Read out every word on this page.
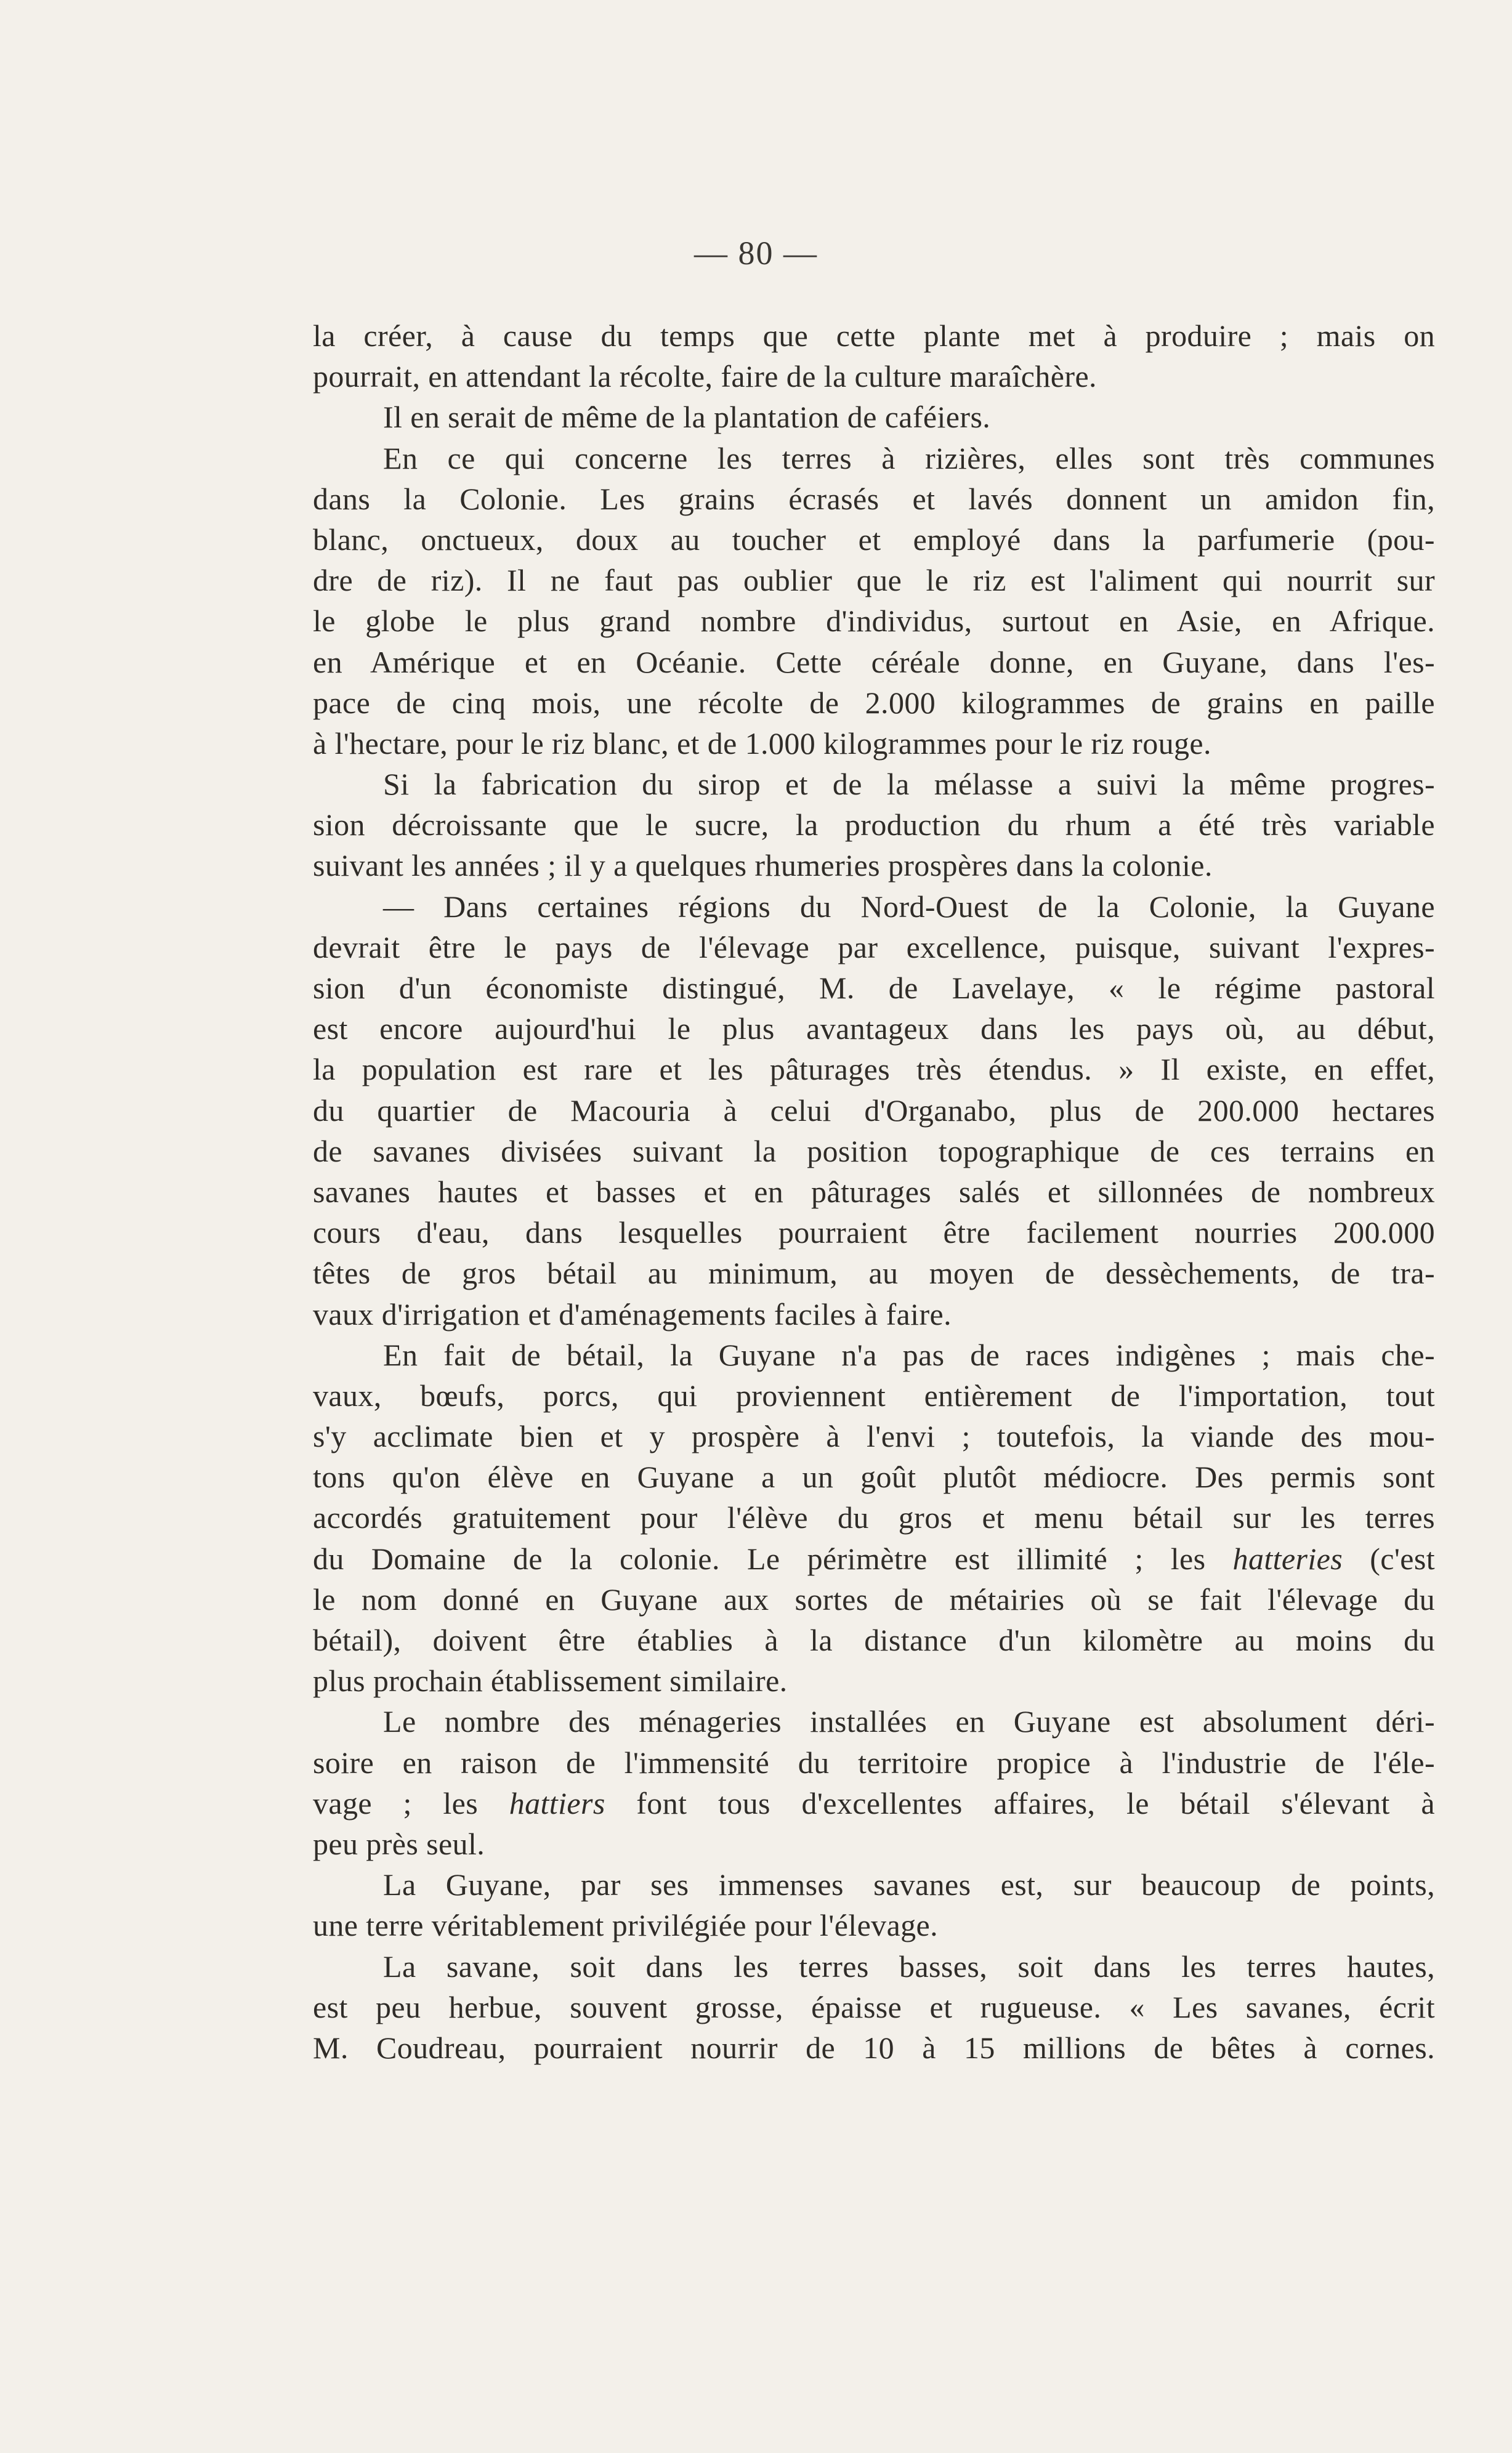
— 80 —
la créer, à cause du temps que cette plante met à produire ; mais on
pourrait, en attendant la récolte, faire de la culture maraîchère.
Il en serait de même de la plantation de caféiers.
En ce qui concerne les terres à rizières, elles sont très communes
dans la Colonie. Les grains écrasés et lavés donnent un amidon fin,
blanc, onctueux, doux au toucher et employé dans la parfumerie (pou-
dre de riz). Il ne faut pas oublier que le riz est l'aliment qui nourrit sur
le globe le plus grand nombre d'individus, surtout en Asie, en Afrique.
en Amérique et en Océanie. Cette céréale donne, en Guyane, dans l'es-
pace de cinq mois, une récolte de 2.000 kilogrammes de grains en paille
à l'hectare, pour le riz blanc, et de 1.000 kilogrammes pour le riz rouge.
Si la fabrication du sirop et de la mélasse a suivi la même progres-
sion décroissante que le sucre, la production du rhum a été très variable
suivant les années ; il y a quelques rhumeries prospères dans la colonie.
— Dans certaines régions du Nord-Ouest de la Colonie, la Guyane
devrait être le pays de l'élevage par excellence, puisque, suivant l'expres-
sion d'un économiste distingué, M. de Lavelaye, « le régime pastoral
est encore aujourd'hui le plus avantageux dans les pays où, au début,
la population est rare et les pâturages très étendus. » Il existe, en effet,
du quartier de Macouria à celui d'Organabo, plus de 200.000 hectares
de savanes divisées suivant la position topographique de ces terrains en
savanes hautes et basses et en pâturages salés et sillonnées de nombreux
cours d'eau, dans lesquelles pourraient être facilement nourries 200.000
têtes de gros bétail au minimum, au moyen de dessèchements, de tra-
vaux d'irrigation et d'aménagements faciles à faire.
En fait de bétail, la Guyane n'a pas de races indigènes ; mais che-
vaux, bœufs, porcs, qui proviennent entièrement de l'importation, tout
s'y acclimate bien et y prospère à l'envi ; toutefois, la viande des mou-
tons qu'on élève en Guyane a un goût plutôt médiocre. Des permis sont
accordés gratuitement pour l'élève du gros et menu bétail sur les terres
du Domaine de la colonie. Le périmètre est illimité ; les hatteries (c'est
le nom donné en Guyane aux sortes de métairies où se fait l'élevage du
bétail), doivent être établies à la distance d'un kilomètre au moins du
plus prochain établissement similaire.
Le nombre des ménageries installées en Guyane est absolument déri-
soire en raison de l'immensité du territoire propice à l'industrie de l'éle-
vage ; les hattiers font tous d'excellentes affaires, le bétail s'élevant à
peu près seul.
La Guyane, par ses immenses savanes est, sur beaucoup de points,
une terre véritablement privilégiée pour l'élevage.
La savane, soit dans les terres basses, soit dans les terres hautes,
est peu herbue, souvent grosse, épaisse et rugueuse. « Les savanes, écrit
M. Coudreau, pourraient nourrir de 10 à 15 millions de bêtes à cornes.
